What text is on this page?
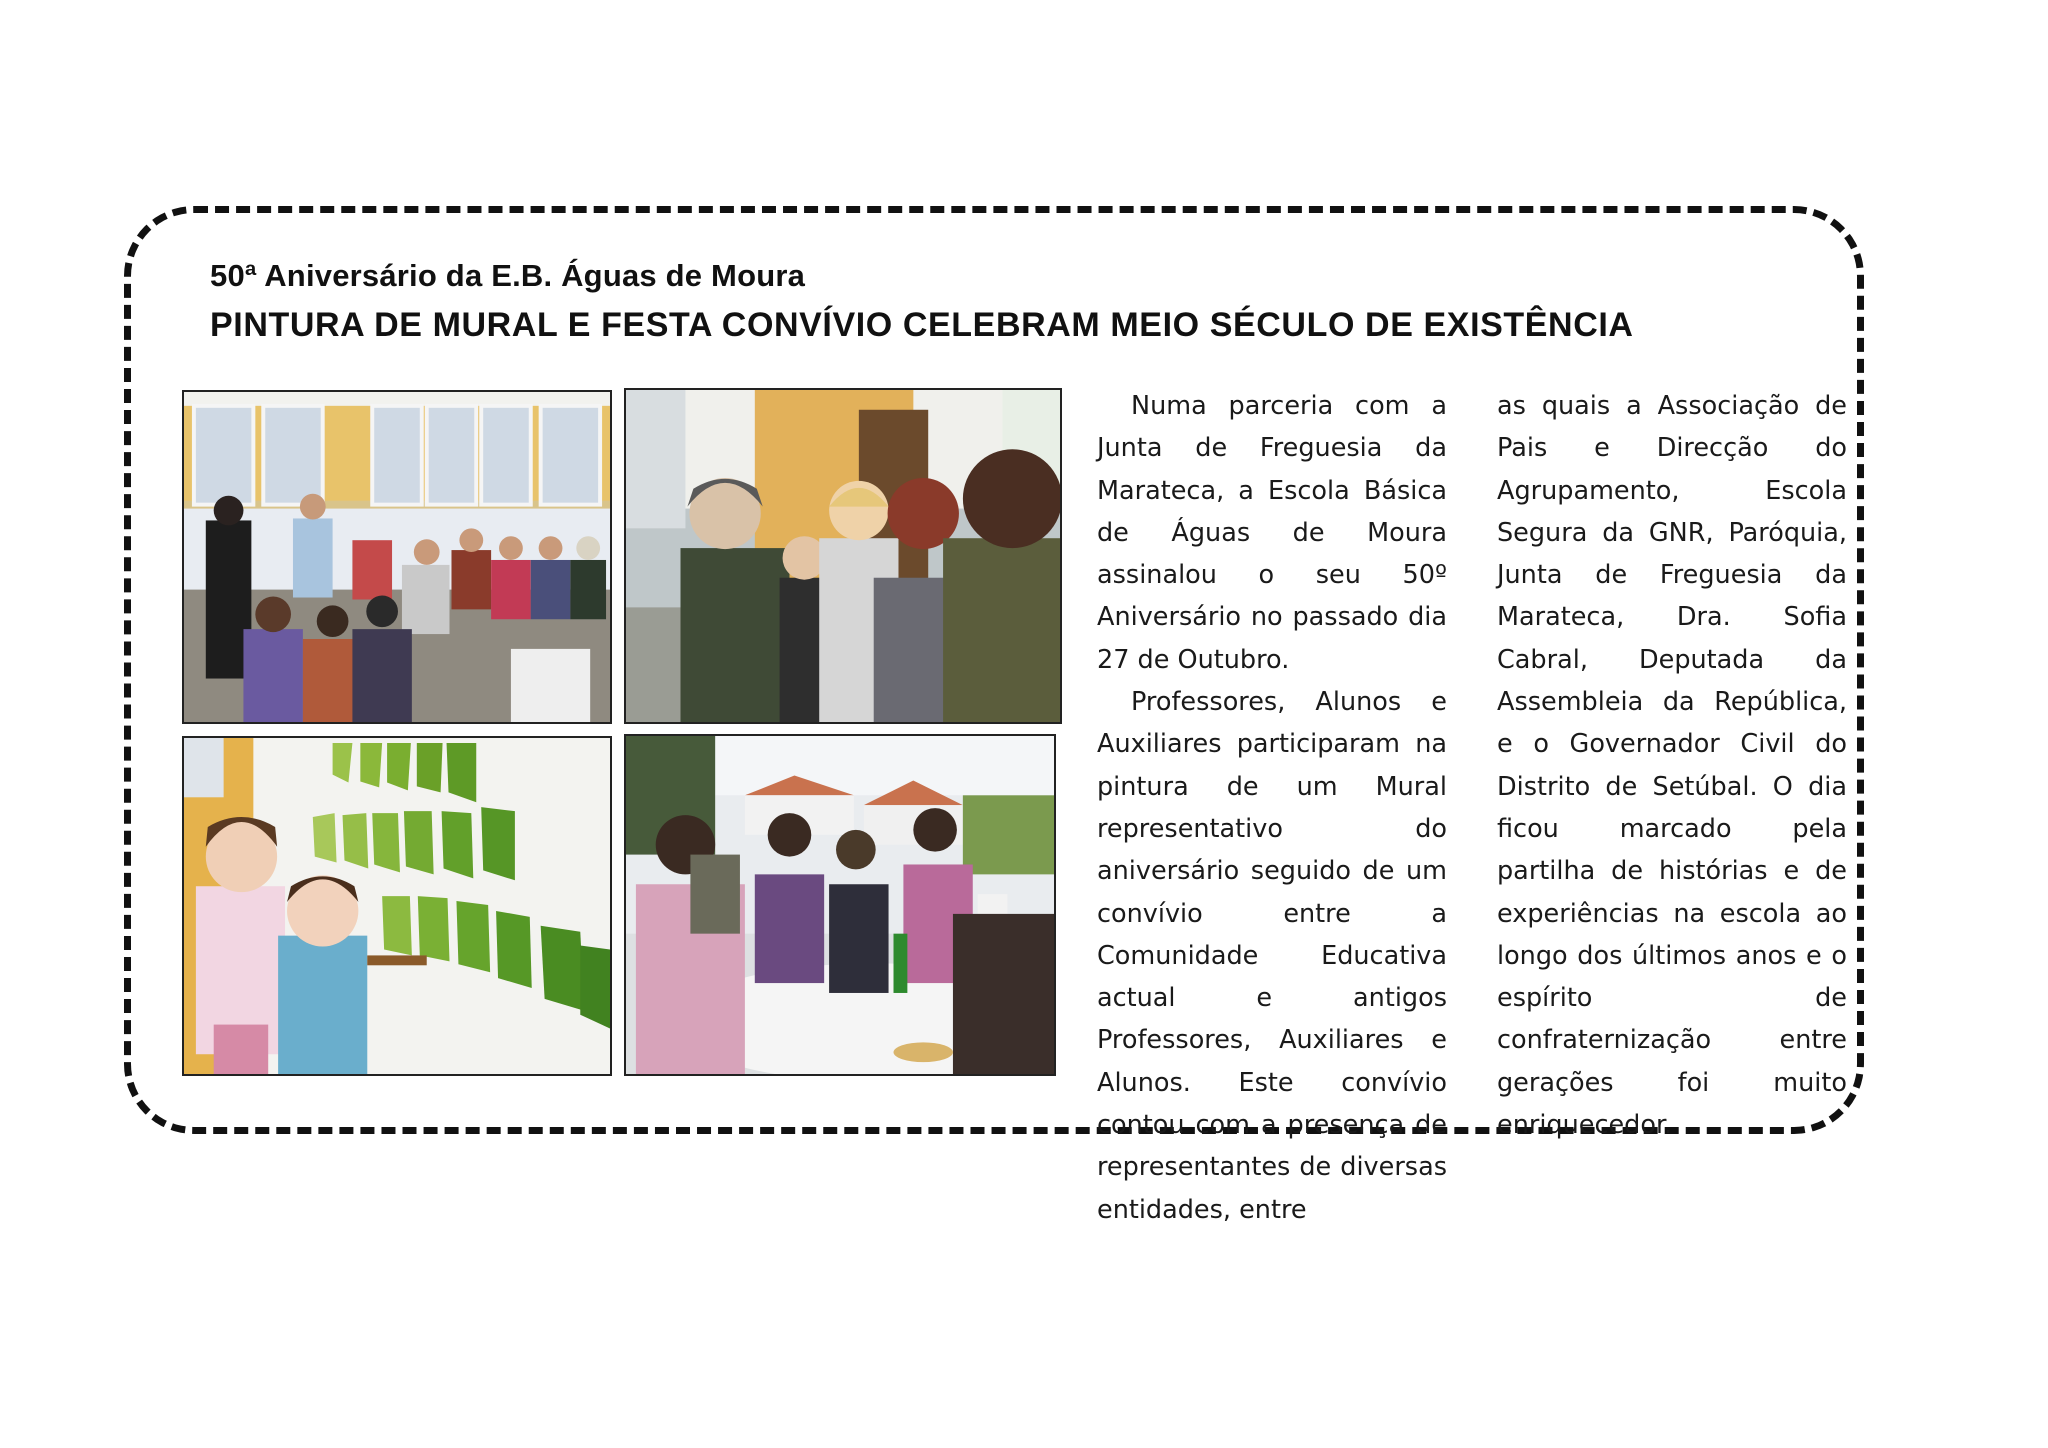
50ª Aniversário da E.B. Águas de Moura
PINTURA DE MURAL E FESTA CONVÍVIO CELEBRAM MEIO SÉCULO DE EXISTÊNCIA

Numa parceria com a Junta de Freguesia da Marateca, a Escola Básica de Águas de Moura assinalou o seu 50º Aniversário no passado dia 27 de Outubro.

Professores, Alunos e Auxiliares participaram na pintura de um Mural representativo do aniversário seguido de um convívio entre a Comunidade Educativa actual e antigos Professores, Auxiliares e Alunos. Este convívio contou com a presença de representantes de diversas entidades, entre

as quais a Associação de Pais e Direcção do Agrupamento, Escola Segura da GNR, Paróquia, Junta de Freguesia da Marateca, Dra. Sofia Cabral, Deputada da Assembleia da República, e o Governador Civil do Distrito de Setúbal. O dia ficou marcado pela partilha de histórias e de experiências na escola ao longo dos últimos anos e o espírito de confraternização entre gerações foi muito enriquecedor.
